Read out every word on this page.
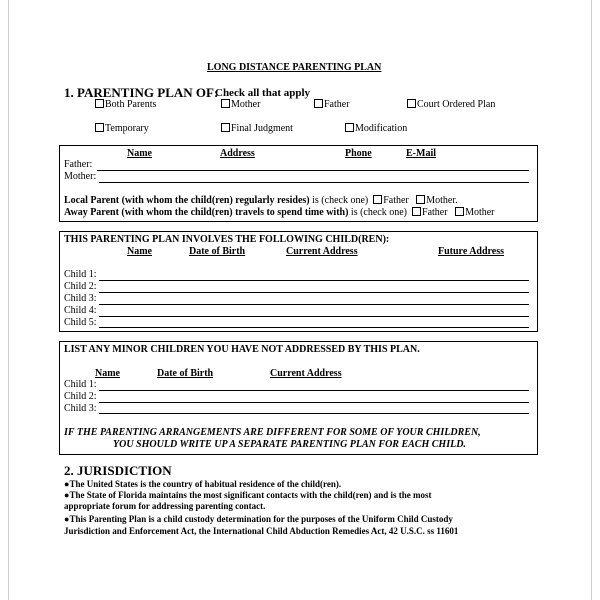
LONG DISTANCE PARENTING PLAN
1. PARENTING PLAN OF:
Check all that apply
Both Parents	Mother	Father	Court Ordered Plan
Temporary	Final Judgment	Modification
Name	Address	Phone	E-Mail
Father:
Mother:
Local Parent (with whom the child(ren) regularly resides) is (check one) Father Mother.
Away Parent (with whom the child(ren) travels to spend time with) is (check one) Father Mother
THIS PARENTING PLAN INVOLVES THE FOLLOWING CHILD(REN):
Name	Date of Birth	Current Address	Future Address
Child 1:
Child 2:
Child 3:
Child 4:
Child 5:
LIST ANY MINOR CHILDREN YOU HAVE NOT ADDRESSED BY THIS PLAN.
Name	Date of Birth	Current Address
Child 1:
Child 2:
Child 3:
IF THE PARENTING ARRANGEMENTS ARE DIFFERENT FOR SOME OF YOUR CHILDREN,
YOU SHOULD WRITE UP A SEPARATE PARENTING PLAN FOR EACH CHILD.
2. JURISDICTION
●The United States is the country of habitual residence of the child(ren).
●The State of Florida maintains the most significant contacts with the child(ren) and is the most
appropriate forum for addressing parenting contact.
●This Parenting Plan is a child custody determination for the purposes of the Uniform Child Custody
Jurisdiction and Enforcement Act, the International Child Abduction Remedies Act, 42 U.S.C. ss 11601
